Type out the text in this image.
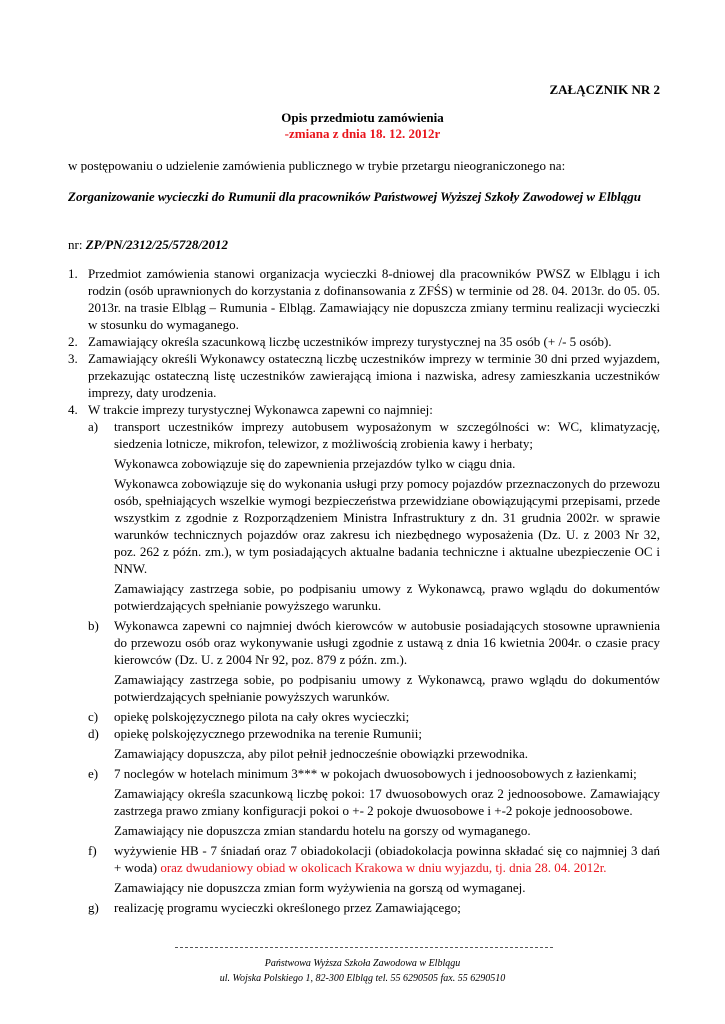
ZAŁĄCZNIK NR 2
Opis przedmiotu zamówienia
-zmiana z dnia 18. 12. 2012r
w postępowaniu o udzielenie zamówienia publicznego w trybie przetargu nieograniczonego na:
Zorganizowanie wycieczki do Rumunii dla pracowników Państwowej Wyższej Szkoły Zawodowej w Elblągu
nr: ZP/PN/2312/25/5728/2012
1. Przedmiot zamówienia stanowi organizacja wycieczki 8-dniowej dla pracowników PWSZ w Elblągu i ich rodzin (osób uprawnionych do korzystania z dofinansowania z ZFŚS) w terminie od 28. 04. 2013r. do 05. 05. 2013r. na trasie Elbląg – Rumunia - Elbląg. Zamawiający nie dopuszcza zmiany terminu realizacji wycieczki w stosunku do wymaganego.
2. Zamawiający określa szacunkową liczbę uczestników imprezy turystycznej na 35 osób (+ /- 5 osób).
3. Zamawiający określi Wykonawcy ostateczną liczbę uczestników imprezy w terminie 30 dni przed wyjazdem, przekazując ostateczną listę uczestników zawierającą imiona i nazwiska, adresy zamieszkania uczestników imprezy, daty urodzenia.
4. W trakcie imprezy turystycznej Wykonawca zapewni co najmniej:
a)	transport uczestników imprezy autobusem wyposażonym w szczególności w: WC, klimatyzację, siedzenia lotnicze, mikrofon, telewizor, z możliwością zrobienia kawy i herbaty;
Wykonawca zobowiązuje się do zapewnienia przejazdów tylko w ciągu dnia.
Wykonawca zobowiązuje się do wykonania usługi przy pomocy pojazdów przeznaczonych do przewozu osób, spełniających wszelkie wymogi bezpieczeństwa przewidziane obowiązującymi przepisami, przede wszystkim z zgodnie z Rozporządzeniem Ministra Infrastruktury z dn. 31 grudnia 2002r. w sprawie warunków technicznych pojazdów oraz zakresu ich niezbędnego wyposażenia (Dz. U. z 2003 Nr 32, poz. 262 z późn. zm.), w tym posiadających aktualne badania techniczne i aktualne ubezpieczenie OC i NNW.
Zamawiający zastrzega sobie, po podpisaniu umowy z Wykonawcą, prawo wglądu do dokumentów potwierdzających spełnianie powyższego warunku.
b)	Wykonawca zapewni co najmniej dwóch kierowców w autobusie posiadających stosowne uprawnienia do przewozu osób oraz wykonywanie usługi zgodnie z ustawą z dnia 16 kwietnia 2004r. o czasie pracy kierowców (Dz. U. z 2004 Nr 92, poz. 879 z późn. zm.).
Zamawiający zastrzega sobie, po podpisaniu umowy z Wykonawcą, prawo wglądu do dokumentów potwierdzających spełnianie powyższych warunków.
c)	opiekę polskojęzycznego pilota na cały okres wycieczki;
d)	opiekę polskojęzycznego przewodnika na terenie Rumunii;
Zamawiający dopuszcza, aby pilot pełnił jednocześnie obowiązki przewodnika.
e)	7 noclegów w hotelach minimum 3*** w pokojach dwuosobowych i jednoosobowych z łazienkami;
Zamawiający określa szacunkową liczbę pokoi: 17 dwuosobowych oraz 2 jednoosobowe. Zamawiający zastrzega prawo zmiany konfiguracji pokoi o +- 2 pokoje dwuosobowe i +-2 pokoje jednoosobowe.
Zamawiający nie dopuszcza zmian standardu hotelu na gorszy od wymaganego.
f)	wyżywienie HB - 7 śniadań oraz 7 obiadokolacji (obiadokolacja powinna składać się co najmniej 3 dań + woda) oraz dwudaniowy obiad w okolicach Krakowa w dniu wyjazdu, tj. dnia 28. 04. 2012r.
Zamawiający nie dopuszcza zmian form wyżywienia na gorszą od wymaganej.
g)	realizację programu wycieczki określonego przez Zamawiającego;
Państwowa Wyższa Szkoła Zawodowa w Elblągu
ul. Wojska Polskiego 1, 82-300 Elbląg tel. 55 6290505 fax. 55 6290510
